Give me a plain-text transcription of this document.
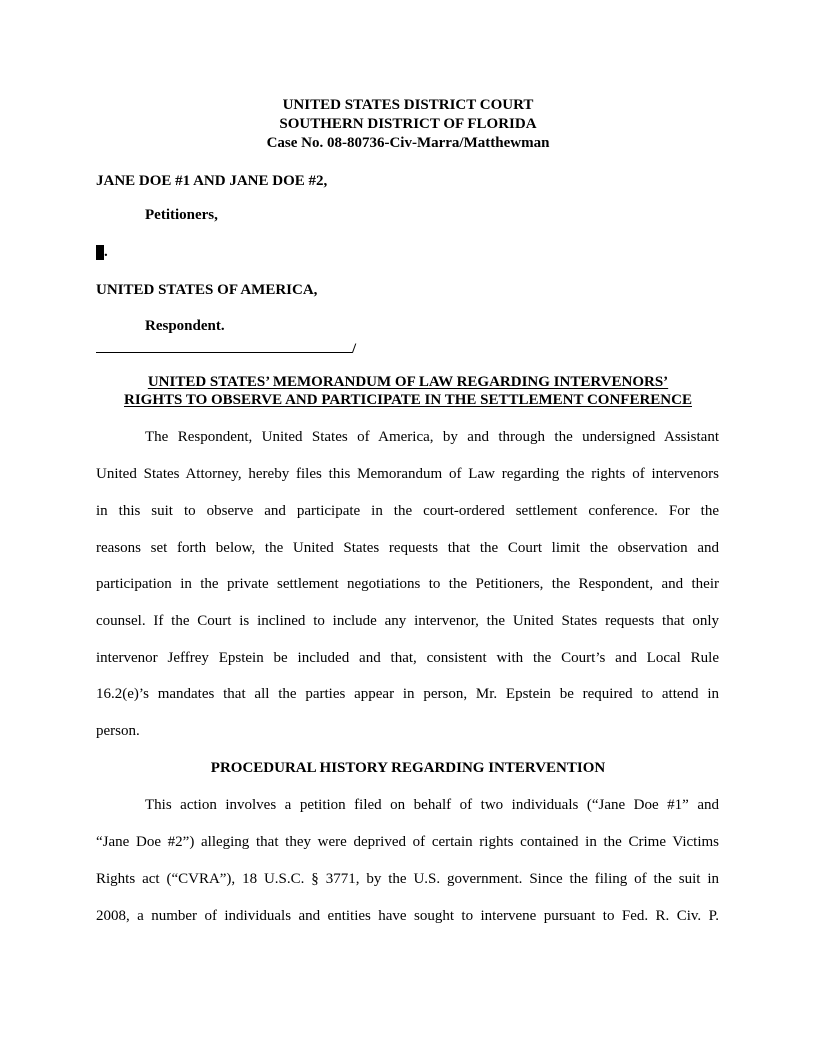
UNITED STATES DISTRICT COURT
SOUTHERN DISTRICT OF FLORIDA
Case No. 08-80736-Civ-Marra/Matthewman
JANE DOE #1 AND JANE DOE #2,
Petitioners,
.
UNITED STATES OF AMERICA,
Respondent.
/
UNITED STATES’ MEMORANDUM OF LAW REGARDING INTERVENORS’
RIGHTS TO OBSERVE AND PARTICIPATE IN THE SETTLEMENT CONFERENCE
The Respondent, United States of America, by and through the undersigned Assistant
United States Attorney, hereby files this Memorandum of Law regarding the rights of intervenors
in this suit to observe and participate in the court-ordered settlement conference. For the
reasons set forth below, the United States requests that the Court limit the observation and
participation in the private settlement negotiations to the Petitioners, the Respondent, and their
counsel. If the Court is inclined to include any intervenor, the United States requests that only
intervenor Jeffrey Epstein be included and that, consistent with the Court’s and Local Rule
16.2(e)’s mandates that all the parties appear in person, Mr. Epstein be required to attend in
person.
PROCEDURAL HISTORY REGARDING INTERVENTION
This action involves a petition filed on behalf of two individuals (“Jane Doe #1” and
“Jane Doe #2”) alleging that they were deprived of certain rights contained in the Crime Victims
Rights act (“CVRA”), 18 U.S.C. § 3771, by the U.S. government. Since the filing of the suit in
2008, a number of individuals and entities have sought to intervene pursuant to Fed. R. Civ. P.
